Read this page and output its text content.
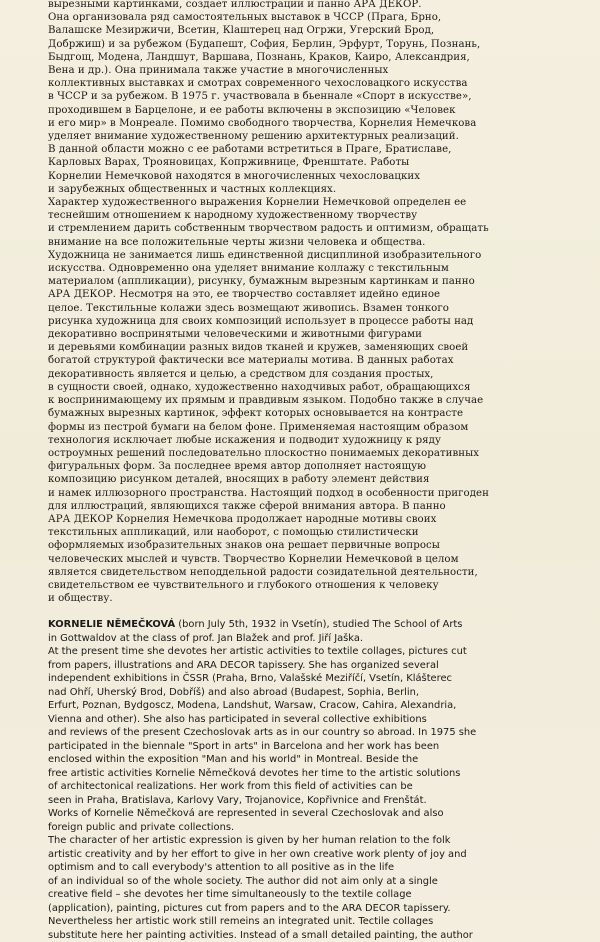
вырезными картинками, создает иллюстрации и панно АРА ДЕКОР.
Она организовала ряд самостоятельных выставок в ЧССР (Прага, Брно,
Валашске Мезиржичи, Всетин, Кlaштерец над Огржи, Угерский Брод,
Добржиш) и за рубежом (Будапешт, София, Берлин, Эрфурт, Торунь, Познань,
Быдгощ, Модена, Ландшут, Варшава, Познань, Краков, Каиро, Александрия,
Вена и др.). Она принимала также участие в многочисленных
коллективных выставках и смотрах современного чехословацкого искусства
в ЧССР и за рубежом. В 1975 г. участвовала в бьеннале «Спорт в искусстве»,
проходившем в Барцелоне, и ее работы включены в экспозицию «Человек
и его мир» в Монреале. Помимо свободного творчества, Корнелия Немечкова
уделяет внимание художественному решению архитектурных реализаций.
В данной области можно с ее работами встретиться в Праге, Братиславе,
Карловых Варах, Трояновицах, Копрживнице, Френштате. Работы
Корнелии Немечковой находятся в многочисленных чехословацких
и зарубежных общественных и частных коллекциях.
Характер художественного выражения Корнелии Немечковой определен ее
теснейшим отношением к народному художественному творчеству
и стремлением дарить собственным творчеством радость и оптимизм, обращать
внимание на все положительные черты жизни человека и общества.
Художница не занимается лишь единственной дисциплиной изобразительного
искусства. Одновременно она уделяет внимание коллажу с текстильным
материалом (аппликации), рисунку, бумажным вырезным картинкам и панно
АРА ДЕКОР. Несмотря на это, ее творчество составляет идейно единое
целое. Текстильные колажи здесь возмещают живопись. Взамен тонкого
рисунка художница для своих композиций использует в процессе работы над
декоративно воспринятыми человеческими и животными фигурами
и деревьями комбинации разных видов тканей и кружев, заменяющих своей
богатой структурой фактически все материалы мотива. В данных работах
декоративность является и целью, а средством для создания простых,
в сущности своей, однако, художественно находчивых работ, обращающихся
к воспринимающему их прямым и правдивым языком. Подобно также в случае
бумажных вырезных картинок, эффект которых основывается на контрасте
формы из пестрой бумаги на белом фоне. Применяемая настоящим образом
технология исключает любые искажения и подводит художницу к ряду
остроумных решений последовательно плоскостно понимаемых декоративных
фигуральных форм. За последнее время автор дополняет настоящую
композицию рисунком деталей, вносящих в работу элемент действия
и намек иллюзорного пространства. Настоящий подход в особенности пригоден
для иллюстраций, являющихся также сферой внимания автора. В панно
АРА ДЕКОР Корнелия Немечкова продолжает народные мотивы своих
текстильных аппликаций, или наоборот, с помощью стилистически
оформляемых изобразительных знаков она решает первичные вопросы
человеческих мыслей и чувств. Творчество Корнелии Немечковой в целом
является свидетельством неподдельной радости созидательной деятельности,
свидетельством ее чувствительного и глубокого отношения к человеку
и обществу.
KORNELIE NĚMEČKOVÁ (born July 5th, 1932 in Vsetín), studied The School of Arts
in Gottwaldov at the class of prof. Jan Blažek and prof. Jiří Jaška.
At the present time she devotes her artistic activities to textile collages, pictures cut
from papers, illustrations and ARA DECOR tapissery. She has organized several
independent exhibitions in ČSSR (Praha, Brno, Valašské Meziříčí, Vsetín, Klášterec
nad Ohří, Uherský Brod, Dobříš) and also abroad (Budapest, Sophia, Berlin,
Erfurt, Poznan, Bydgoscz, Modena, Landshut, Warsaw, Cracow, Cahira, Alexandria,
Vienna and other). She also has participated in several collective exhibitions
and reviews of the present Czechoslovak arts as in our country so abroad. In 1975 she
participated in the biennale "Sport in arts" in Barcelona and her work has been
enclosed within the exposition "Man and his world" in Montreal. Beside the
free artistic activities Kornelie Němečková devotes her time to the artistic solutions
of architectonical realizations. Her work from this field of activities can be
seen in Praha, Bratislava, Karlovy Vary, Trojanovice, Kopřivnice and Frenštát.
Works of Kornelie Němečková are represented in several Czechoslovak and also
foreign public and private collections.
The character of her artistic expression is given by her human relation to the folk
artistic creativity and by her effort to give in her own creative work plenty of joy and
optimism and to call everybody's attention to all positive as in the life
of an individual so of the whole society. The author did not aim only at a single
creative field – she devotes her time simultaneously to the textile collage
(application), painting, pictures cut from papers and to the ARA DECOR tapissery.
Nevertheless her artistic work still remeins an integrated unit. Tectile collages
substitute here her painting activities. Instead of a small detailed painting, the author
